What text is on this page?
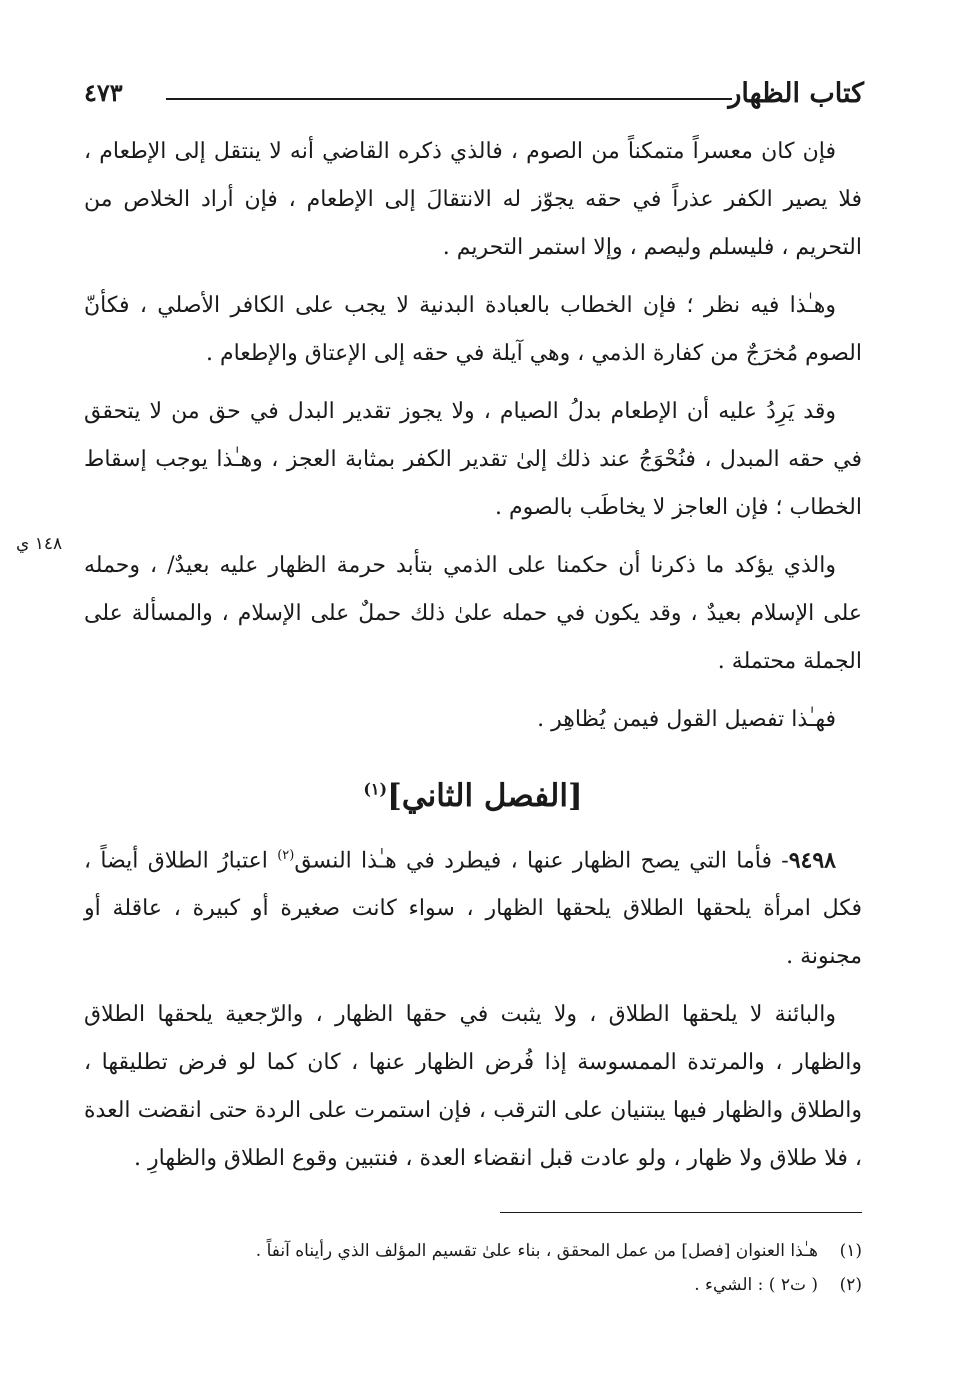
كتاب الظهار
٤٧٣
١٤٨ ي

فإن كان معسراً متمكناً من الصوم ، فالذي ذكره القاضي أنه لا ينتقل إلى الإطعام ، فلا يصير الكفر عذراً في حقه يجوّز له الانتقالَ إلى الإطعام ، فإن أراد الخلاص من التحريم ، فليسلم وليصم ، وإلا استمر التحريم .

وهـٰذا فيه نظر ؛ فإن الخطاب بالعبادة البدنية لا يجب على الكافر الأصلي ، فكأنّ الصوم مُخرَجٌ من كفارة الذمي ، وهي آيلة في حقه إلى الإعتاق والإطعام .

وقد يَرِدُ عليه أن الإطعام بدلُ الصيام ، ولا يجوز تقدير البدل في حق من لا يتحقق في حقه المبدل ، فنُحْوَجُ عند ذلك إلىٰ تقدير الكفر بمثابة العجز ، وهـٰذا يوجب إسقاط الخطاب ؛ فإن العاجز لا يخاطَب بالصوم .

والذي يؤكد ما ذكرنا أن حكمنا على الذمي بتأبد حرمة الظهار عليه بعيدٌ/ ، وحمله على الإسلام بعيدٌ ، وقد يكون في حمله علىٰ ذلك حملٌ على الإسلام ، والمسألة على الجملة محتملة .

فهـٰذا تفصيل القول فيمن يُظاهِر .

[الفصل الثاني]$^{(١)}$

٩٤٩٨- فأما التي يصح الظهار عنها ، فيطرد في هـٰذا النسق$^{(٢)}$ اعتبارُ الطلاق أيضاً ، فكل امرأة يلحقها الطلاق يلحقها الظهار ، سواء كانت صغيرة أو كبيرة ، عاقلة أو مجنونة .

والبائنة لا يلحقها الطلاق ، ولا يثبت في حقها الظهار ، والرّجعية يلحقها الطلاق والظهار ، والمرتدة الممسوسة إذا فُرض الظهار عنها ، كان كما لو فرض تطليقها ، والطلاق والظهار فيها يبتنيان على الترقب ، فإن استمرت على الردة حتى انقضت العدة ، فلا طلاق ولا ظهار ، ولو عادت قبل انقضاء العدة ، فنتبين وقوع الطلاق والظهارِ .

(١)
هـٰذا العنوان [فصل] من عمل المحقق ، بناء علىٰ تقسيم المؤلف الذي رأيناه آنفاً .
(٢)
( ت٢ ) : الشيء .
